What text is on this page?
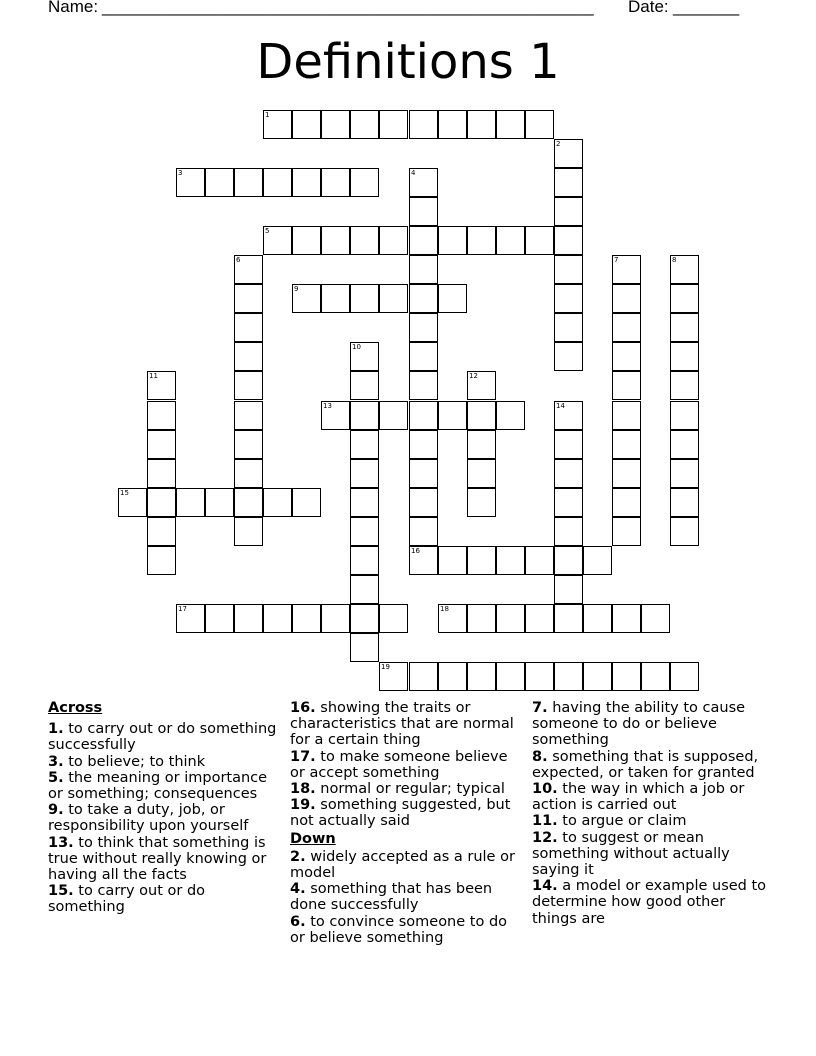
Name: ____________________________________________________ Date: _______
Definitions 1
1
2
3	4
16
5
6	7	8
9
10
11	12
13	14
15
17	18
19
Across
1. to carry out or do something successfully
3. to believe; to think
5. the meaning or importance or something; consequences
9. to take a duty, job, or responsibility upon yourself
13. to think that something is true without really knowing or having all the facts
15. to carry out or do something
16. showing the traits or characteristics that are normal for a certain thing
17. to make someone believe or accept something
18. normal or regular; typical
19. something suggested, but not actually said
Down
2. widely accepted as a rule or model
4. something that has been done successfully
6. to convince someone to do or believe something
7. having the ability to cause someone to do or believe something
8. something that is supposed, expected, or taken for granted
10. the way in which a job or action is carried out
11. to argue or claim
12. to suggest or mean something without actually saying it
14. a model or example used to determine how good other things are
